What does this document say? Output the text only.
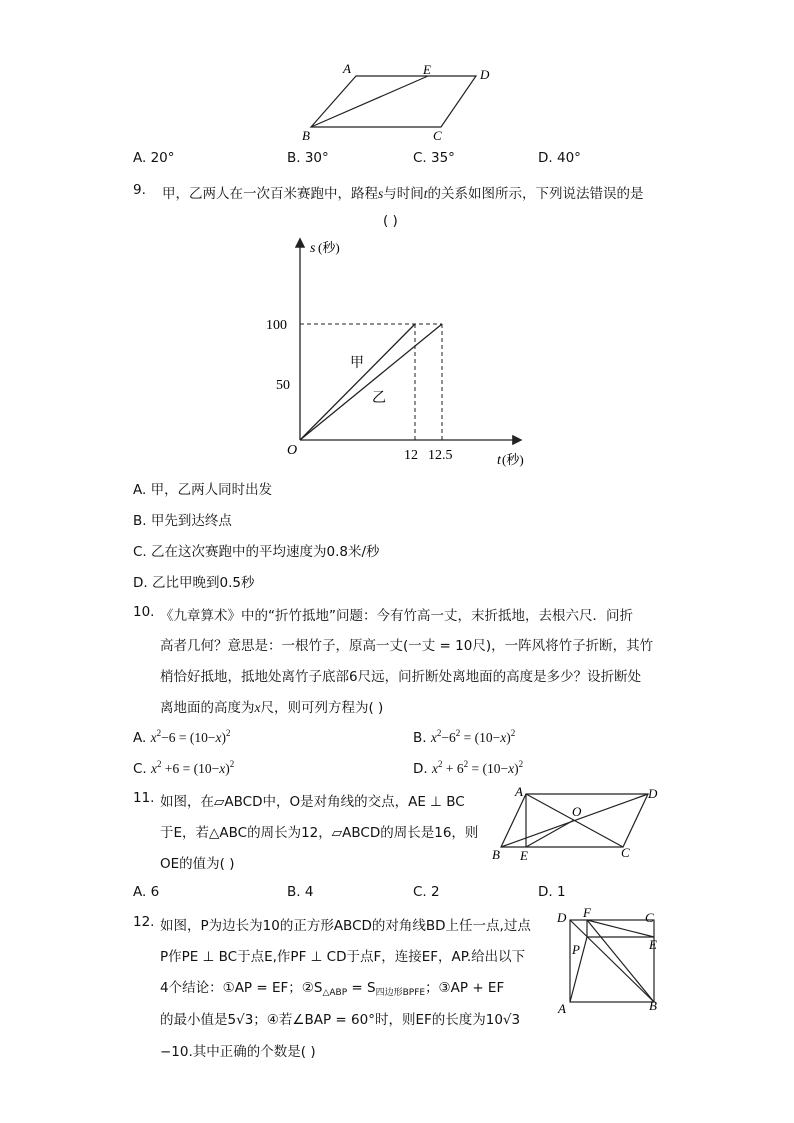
A	E	D
B	C
A. 20°	B. 30°	C. 35°	D. 40°
9. 甲，乙两人在一次百米赛跑中，路程s与时间t的关系如图所示，下列说法错误的是
( )
s (秒)
t (秒)
O
100
50
12 12.5
甲
乙
A. 甲，乙两人同时出发
B. 甲先到达终点
C. 乙在这次赛跑中的平均速度为0.8米/秒
D. 乙比甲晚到0.5秒
10. 《九章算术》中的“折竹抵地”问题：今有竹高一丈，末折抵地，去根六尺．问折
高者几何？意思是：一根竹子，原高一丈(一丈 = 10尺)，一阵风将竹子折断，其竹
梢恰好抵地，抵地处离竹子底部6尺远，问折断处离地面的高度是多少？设折断处
离地面的高度为x尺，则可列方程为( )
A. $x^2-6 = (10-x)^2$	B. $x^2-6^2 = (10-x)^2$
C. $x^2 +6 = (10-x)^2$	D. $x^2 + 6^2 = (10-x)^2$
11. 如图，在▱ABCD中，O是对角线的交点，AE ⊥ BC
于E，若△ABC的周长为12，▱ABCD的周长是16，则
OE的值为( )
A	D
O
B E	C
A. 6	B. 4	C. 2	D. 1
12. 如图，P为边长为10的正方形ABCD的对角线BD上任一点,过点
P作PE ⊥ BC于点E,作PF ⊥ CD于点F，连接EF，AP.给出以下
4个结论：①AP = EF；$②S_{\triangle ABP} = S_{四边形BPFE}$；③AP + EF
的最小值是5√3；④若∠BAP = 60°时，则EF的长度为10√3
−10.其中正确的个数是( )
D F	C
P	E
A	B
